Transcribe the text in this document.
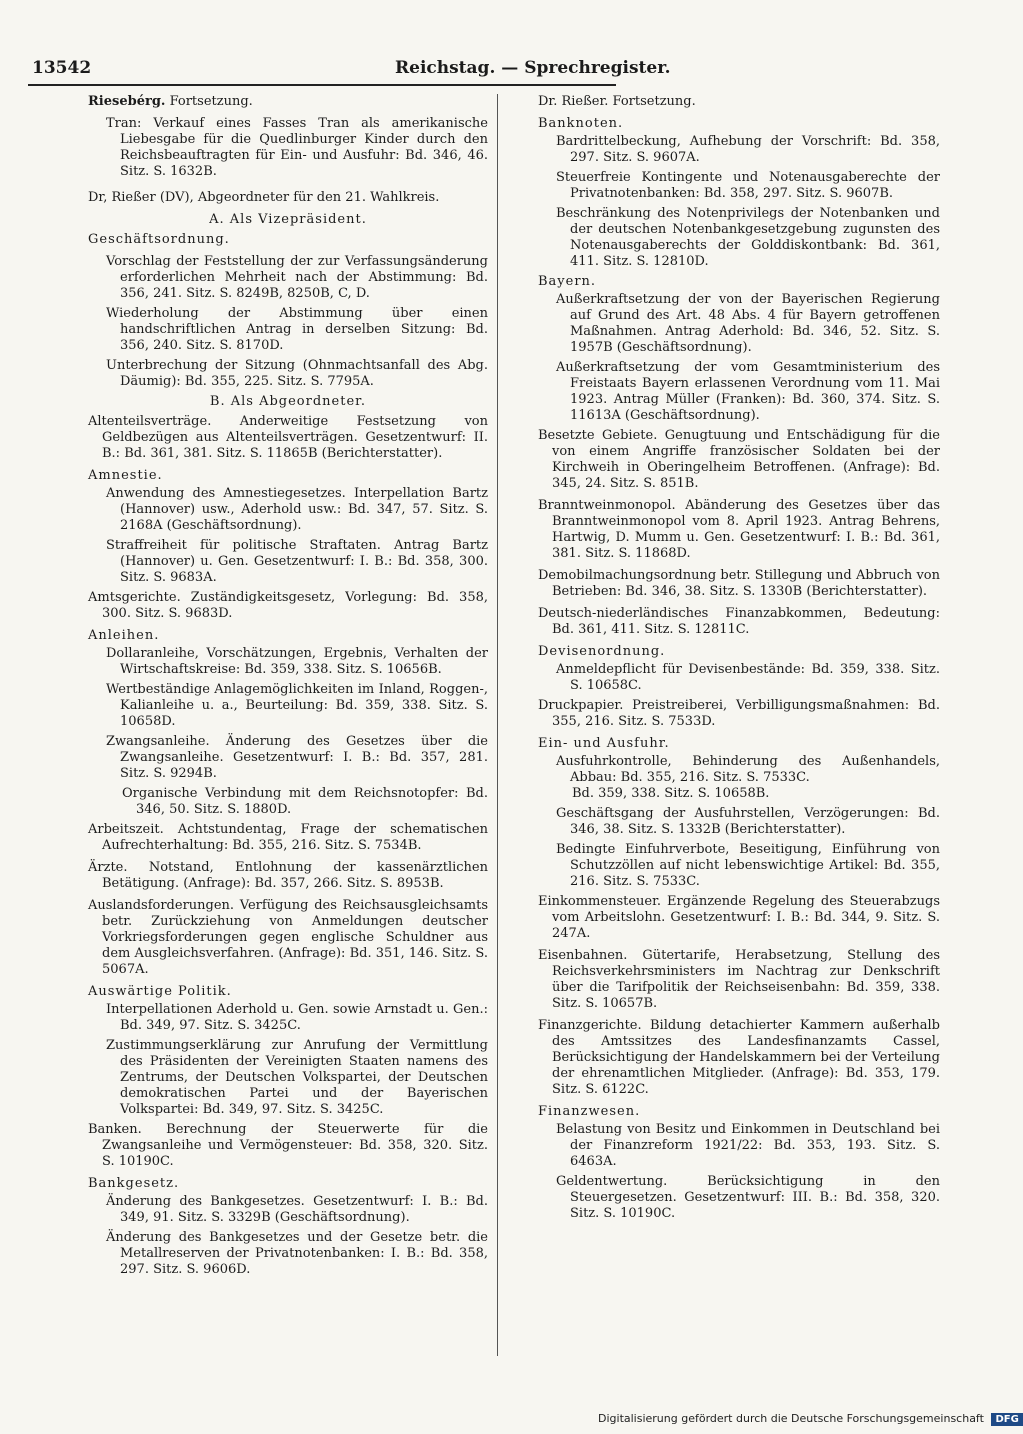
13542	Reichstag. — Sprechregister.
Riesebérg. Fortsetzung.
Tran: Verkauf eines Fasses Tran als amerikanische Liebesgabe für die Quedlinburger Kinder durch den Reichsbeauftragten für Ein- und Ausfuhr: Bd. 346, 46. Sitz. S. 1632B.
Dr, Rießer (DV), Abgeordneter für den 21. Wahlkreis.
A. Als Vizepräsident.
Geschäftsordnung.
Vorschlag der Feststellung der zur Verfassungsänderung erforderlichen Mehrheit nach der Abstimmung: Bd. 356, 241. Sitz. S. 8249B, 8250B, C, D.
Wiederholung der Abstimmung über einen handschriftlichen Antrag in derselben Sitzung: Bd. 356, 240. Sitz. S. 8170D.
Unterbrechung der Sitzung (Ohnmachtsanfall des Abg. Däumig): Bd. 355, 225. Sitz. S. 7795A.
B. Als Abgeordneter.
Altenteilsverträge. Anderweitige Festsetzung von Geldbezügen aus Altenteilsverträgen. Gesetzentwurf: II. B.: Bd. 361, 381. Sitz. S. 11865B (Berichterstatter).
Amnestie.
Anwendung des Amnestiegesetzes. Interpellation Bartz (Hannover) usw., Aderhold usw.: Bd. 347, 57. Sitz. S. 2168A (Geschäftsordnung).
Straffreiheit für politische Straftaten. Antrag Bartz (Hannover) u. Gen. Gesetzentwurf: I. B.: Bd. 358, 300. Sitz. S. 9683A.
Amtsgerichte. Zuständigkeitsgesetz, Vorlegung: Bd. 358, 300. Sitz. S. 9683D.
Anleihen.
Dollaranleihe, Vorschätzungen, Ergebnis, Verhalten der Wirtschaftskreise: Bd. 359, 338. Sitz. S. 10656B.
Wertbeständige Anlagemöglichkeiten im Inland, Roggen-, Kalianleihe u. a., Beurteilung: Bd. 359, 338. Sitz. S. 10658D.
Zwangsanleihe. Änderung des Gesetzes über die Zwangsanleihe. Gesetzentwurf: I. B.: Bd. 357, 281. Sitz. S. 9294B.
Organische Verbindung mit dem Reichsnotopfer: Bd. 346, 50. Sitz. S. 1880D.
Arbeitszeit. Achtstundentag, Frage der schematischen Aufrechterhaltung: Bd. 355, 216. Sitz. S. 7534B.
Ärzte. Notstand, Entlohnung der kassenärztlichen Betätigung. (Anfrage): Bd. 357, 266. Sitz. S. 8953B.
Auslandsforderungen. Verfügung des Reichsausgleichsamts betr. Zurückziehung von Anmeldungen deutscher Vorkriegsforderungen gegen englische Schuldner aus dem Ausgleichsverfahren. (Anfrage): Bd. 351, 146. Sitz. S. 5067A.
Auswärtige Politik.
Interpellationen Aderhold u. Gen. sowie Arnstadt u. Gen.: Bd. 349, 97. Sitz. S. 3425C.
Zustimmungserklärung zur Anrufung der Vermittlung des Präsidenten der Vereinigten Staaten namens des Zentrums, der Deutschen Volkspartei, der Deutschen demokratischen Partei und der Bayerischen Volkspartei: Bd. 349, 97. Sitz. S. 3425C.
Banken. Berechnung der Steuerwerte für die Zwangsanleihe und Vermögensteuer: Bd. 358, 320. Sitz. S. 10190C.
Bankgesetz.
Änderung des Bankgesetzes. Gesetzentwurf: I. B.: Bd. 349, 91. Sitz. S. 3329B (Geschäftsordnung).
Änderung des Bankgesetzes und der Gesetze betr. die Metallreserven der Privatnotenbanken: I. B.: Bd. 358, 297. Sitz. S. 9606D.
Dr. Rießer. Fortsetzung.
Banknoten.
Bardrittelbeckung, Aufhebung der Vorschrift: Bd. 358, 297. Sitz. S. 9607A.
Steuerfreie Kontingente und Notenausgaberechte der Privatnotenbanken: Bd. 358, 297. Sitz. S. 9607B.
Beschränkung des Notenprivilegs der Notenbanken und der deutschen Notenbankgesetzgebung zugunsten des Notenausgaberechts der Golddiskontbank: Bd. 361, 411. Sitz. S. 12810D.
Bayern.
Außerkraftsetzung der von der Bayerischen Regierung auf Grund des Art. 48 Abs. 4 für Bayern getroffenen Maßnahmen. Antrag Aderhold: Bd. 346, 52. Sitz. S. 1957B (Geschäftsordnung).
Außerkraftsetzung der vom Gesamtministerium des Freistaats Bayern erlassenen Verordnung vom 11. Mai 1923. Antrag Müller (Franken): Bd. 360, 374. Sitz. S. 11613A (Geschäftsordnung).
Besetzte Gebiete. Genugtuung und Entschädigung für die von einem Angriffe französischer Soldaten bei der Kirchweih in Oberingelheim Betroffenen. (Anfrage): Bd. 345, 24. Sitz. S. 851B.
Branntweinmonopol. Abänderung des Gesetzes über das Branntweinmonopol vom 8. April 1923. Antrag Behrens, Hartwig, D. Mumm u. Gen. Gesetzentwurf: I. B.: Bd. 361, 381. Sitz. S. 11868D.
Demobilmachungsordnung betr. Stillegung und Abbruch von Betrieben: Bd. 346, 38. Sitz. S. 1330B (Berichterstatter).
Deutsch-niederländisches Finanzabkommen, Bedeutung: Bd. 361, 411. Sitz. S. 12811C.
Devisenordnung.
Anmeldepflicht für Devisenbestände: Bd. 359, 338. Sitz. S. 10658C.
Druckpapier. Preistreiberei, Verbilligungsmaßnahmen: Bd. 355, 216. Sitz. S. 7533D.
Ein- und Ausfuhr.
Ausfuhrkontrolle, Behinderung des Außenhandels, Abbau: Bd. 355, 216. Sitz. S. 7533C.
Bd. 359, 338. Sitz. S. 10658B.
Geschäftsgang der Ausfuhrstellen, Verzögerungen: Bd. 346, 38. Sitz. S. 1332B (Berichterstatter).
Bedingte Einfuhrverbote, Beseitigung, Einführung von Schutzzöllen auf nicht lebenswichtige Artikel: Bd. 355, 216. Sitz. S. 7533C.
Einkommensteuer. Ergänzende Regelung des Steuerabzugs vom Arbeitslohn. Gesetzentwurf: I. B.: Bd. 344, 9. Sitz. S. 247A.
Eisenbahnen. Gütertarife, Herabsetzung, Stellung des Reichsverkehrsministers im Nachtrag zur Denkschrift über die Tarifpolitik der Reichseisenbahn: Bd. 359, 338. Sitz. S. 10657B.
Finanzgerichte. Bildung detachierter Kammern außerhalb des Amtssitzes des Landesfinanzamts Cassel, Berücksichtigung der Handelskammern bei der Verteilung der ehrenamtlichen Mitglieder. (Anfrage): Bd. 353, 179. Sitz. S. 6122C.
Finanzwesen.
Belastung von Besitz und Einkommen in Deutschland bei der Finanzreform 1921/22: Bd. 353, 193. Sitz. S. 6463A.
Geldentwertung. Berücksichtigung in den Steuergesetzen. Gesetzentwurf: III. B.: Bd. 358, 320. Sitz. S. 10190C.
Digitalisierung gefördert durch die Deutsche Forschungsgemeinschaft DFG
